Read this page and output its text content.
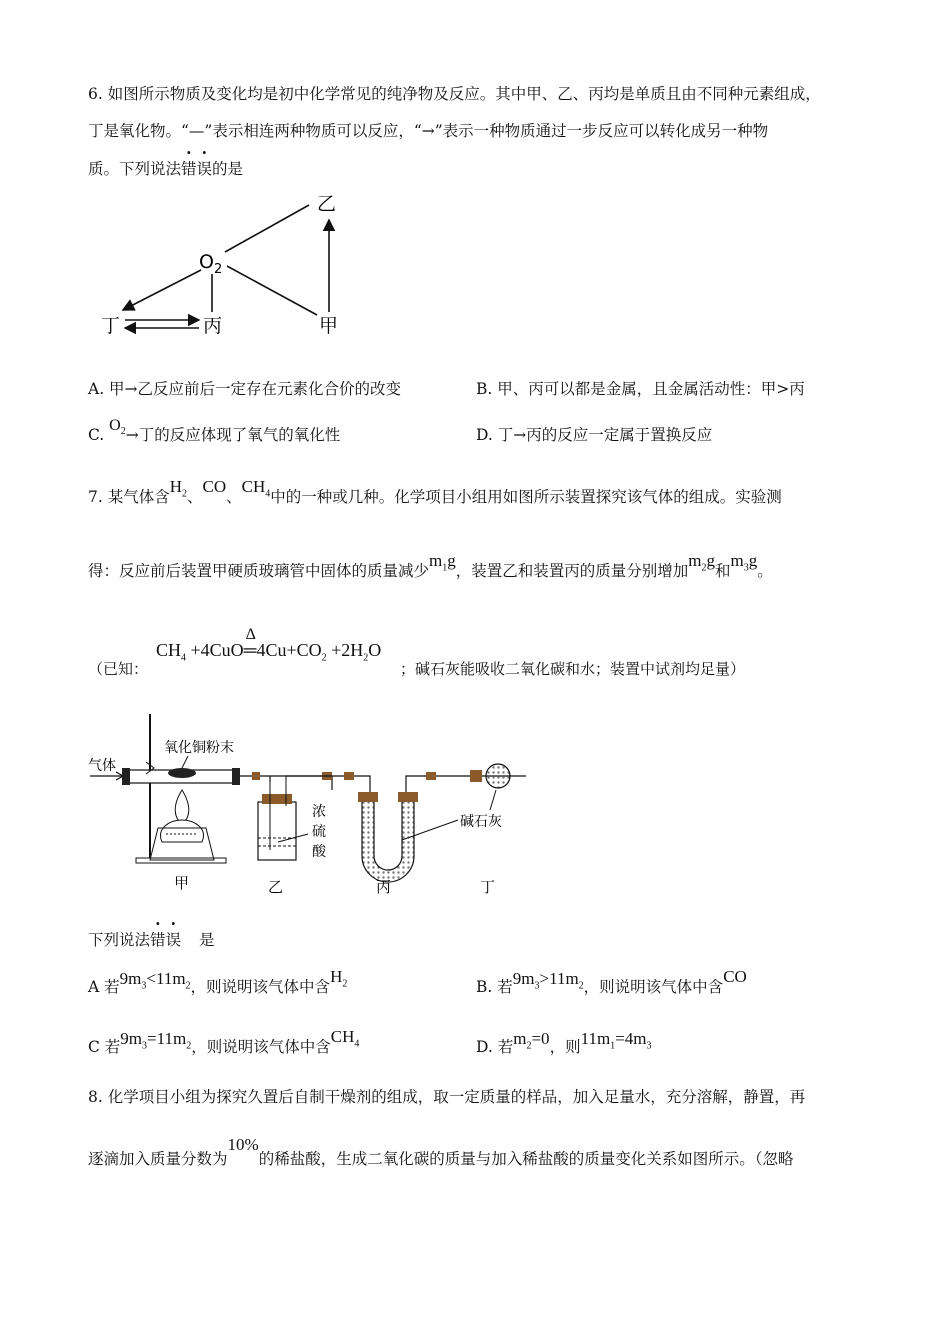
6. 如图所示物质及变化均是初中化学常见的纯净物及反应。其中甲、乙、丙均是单质且由不同种元素组成，
丁是氧化物。“—”表示相连两种物质可以反应，“→”表示一种物质通过一步反应可以转化成另一种物
质。下列说法错误的是
乙
$O_2$
丁	丙	甲
A. 甲→乙反应前后一定存在元素化合价的改变	B. 甲、丙可以都是金属，且金属活动性：甲>丙
C. $O_2\to$丁的反应体现了氧气的氧化性	D. 丁→丙的反应一定属于置换反应
7. 某气体含$H_2$、CO、$CH_4$中的一种或几种。化学项目小组用如图所示装置探究该气体的组成。实验测
得：反应前后装置甲硬质玻璃管中固体的质量减少$m_1g$，装置乙和装置丙的质量分别增加$m_2g$和$m_3g$。
（已知：
$CH_4 +4CuO$
Δ
$═4Cu+CO_2 +2H_2O$
；碱石灰能吸收二氧化碳和水；装置中试剂均足量）
气体
氧化铜粉末
浓
硫
酸
碱石灰
甲	乙	丙	丁
下列说法错误 是
A 若$9m_3<11m_2$，则说明该气体中含$H_2$	B. 若$9m_3>11m_2$，则说明该气体中含CO
C 若$9m_3=11m_2$，则说明该气体中含$CH_4$	D. 若$m_2=0$，则$11m_1=4m_3$
8. 化学项目小组为探究久置后自制干燥剂的组成，取一定质量的样品，加入足量水，充分溶解，静置，再
逐滴加入质量分数为10%的稀盐酸，生成二氧化碳的质量与加入稀盐酸的质量变化关系如图所示。（忽略
